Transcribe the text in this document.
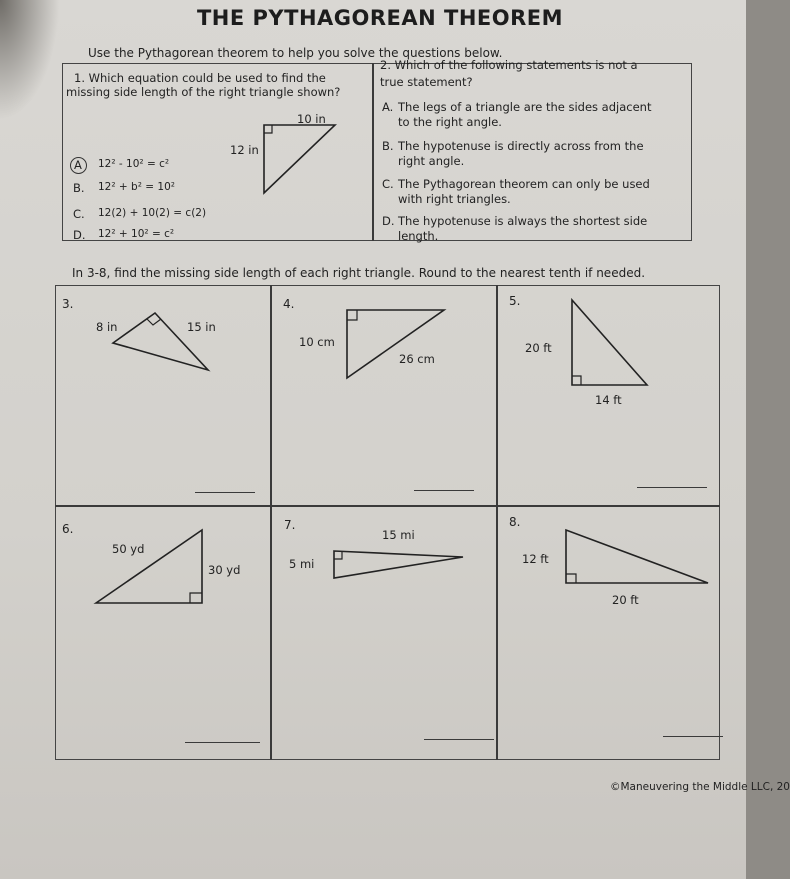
THE PYTHAGOREAN THEOREM
Use the Pythagorean theorem to help you solve the questions below.
1. Which equation could be used to find the
missing side length of the right triangle shown?
10 in
12 in
A 12² - 10² = c²
B. 12² + b² = 10²
C. 12(2) + 10(2) = c(2)
D. 12² + 10² = c²
2. Which of the following statements is not a
true statement?
A. The legs of a triangle are the sides adjacent
to the right angle.
B. The hypotenuse is directly across from the
right angle.
C. The Pythagorean theorem can only be used
with right triangles.
D. The hypotenuse is always the shortest side
length.
In 3-8, find the missing side length of each right triangle. Round to the nearest tenth if needed.
3.
8 in	15 in
4.
10 cm
26 cm
5.
20 ft
14 ft
6.
50 yd
30 yd
7.
15 mi
5 mi
8.
12 ft
20 ft
©Maneuvering the Middle LLC, 20
